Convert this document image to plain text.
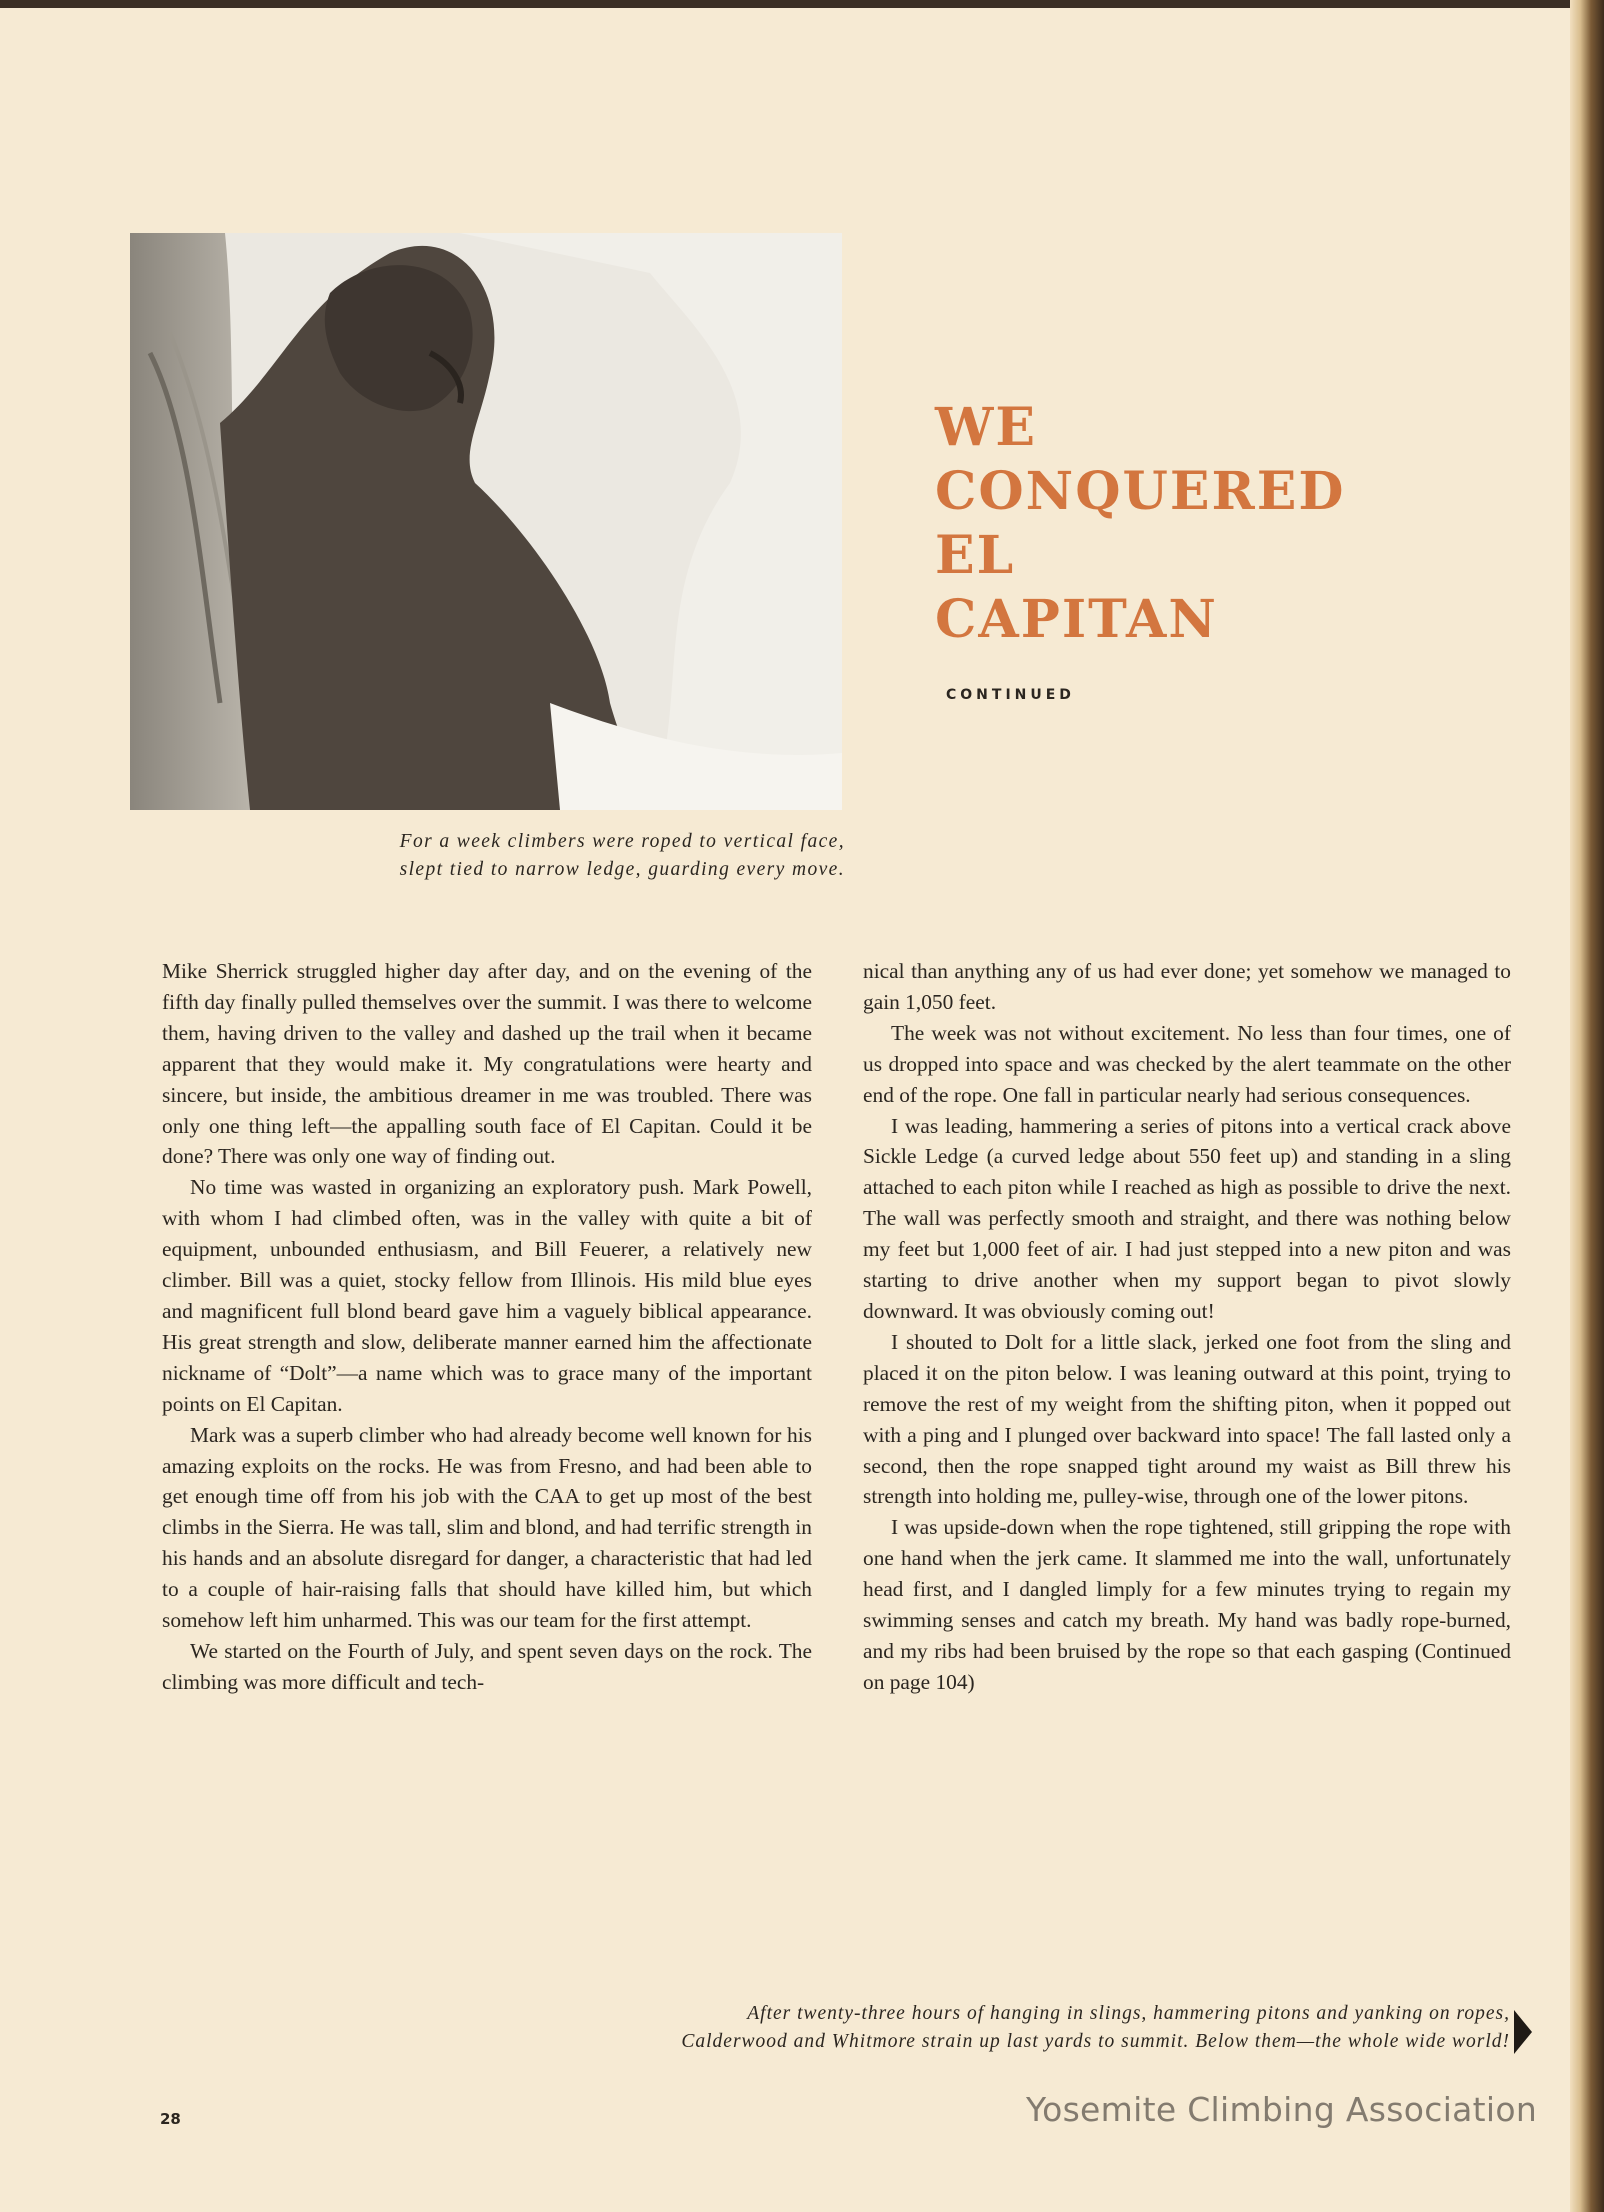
For a week climbers were roped to vertical face,
slept tied to narrow ledge, guarding every move.
WE
CONQUERED
EL
CAPITAN
CONTINUED

Mike Sherrick struggled higher day after day, and on the evening of the fifth day finally pulled themselves over the summit. I was there to welcome them, having driven to the valley and dashed up the trail when it became apparent that they would make it. My congratulations were hearty and sincere, but inside, the ambitious dreamer in me was troubled. There was only one thing left—the appalling south face of El Capitan. Could it be done? There was only one way of finding out.

No time was wasted in organizing an exploratory push. Mark Powell, with whom I had climbed often, was in the valley with quite a bit of equipment, unbounded enthusiasm, and Bill Feuerer, a relatively new climber. Bill was a quiet, stocky fellow from Illinois. His mild blue eyes and magnificent full blond beard gave him a vaguely biblical appearance. His great strength and slow, deliberate manner earned him the affectionate nickname of “Dolt”—a name which was to grace many of the important points on El Capitan.

Mark was a superb climber who had already become well known for his amazing exploits on the rocks. He was from Fresno, and had been able to get enough time off from his job with the CAA to get up most of the best climbs in the Sierra. He was tall, slim and blond, and had terrific strength in his hands and an absolute disregard for danger, a characteristic that had led to a couple of hair-raising falls that should have killed him, but which somehow left him unharmed. This was our team for the first attempt.

We started on the Fourth of July, and spent seven days on the rock. The climbing was more difficult and tech-

nical than anything any of us had ever done; yet somehow we managed to gain 1,050 feet.

The week was not without excitement. No less than four times, one of us dropped into space and was checked by the alert teammate on the other end of the rope. One fall in particular nearly had serious consequences.

I was leading, hammering a series of pitons into a vertical crack above Sickle Ledge (a curved ledge about 550 feet up) and standing in a sling attached to each piton while I reached as high as possible to drive the next. The wall was perfectly smooth and straight, and there was nothing below my feet but 1,000 feet of air. I had just stepped into a new piton and was starting to drive another when my support began to pivot slowly downward. It was obviously coming out!

I shouted to Dolt for a little slack, jerked one foot from the sling and placed it on the piton below. I was leaning outward at this point, trying to remove the rest of my weight from the shifting piton, when it popped out with a ping and I plunged over backward into space! The fall lasted only a second, then the rope snapped tight around my waist as Bill threw his strength into holding me, pulley-wise, through one of the lower pitons.

I was upside-down when the rope tightened, still gripping the rope with one hand when the jerk came. It slammed me into the wall, unfortunately head first, and I dangled limply for a few minutes trying to regain my swimming senses and catch my breath. My hand was badly rope-burned, and my ribs had been bruised by the rope so that each gasping (Continued on page 104)

After twenty-three hours of hanging in slings, hammering pitons and yanking on ropes,
Calderwood and Whitmore strain up last yards to summit. Below them—the whole wide world!
28	Yosemite Climbing Association
